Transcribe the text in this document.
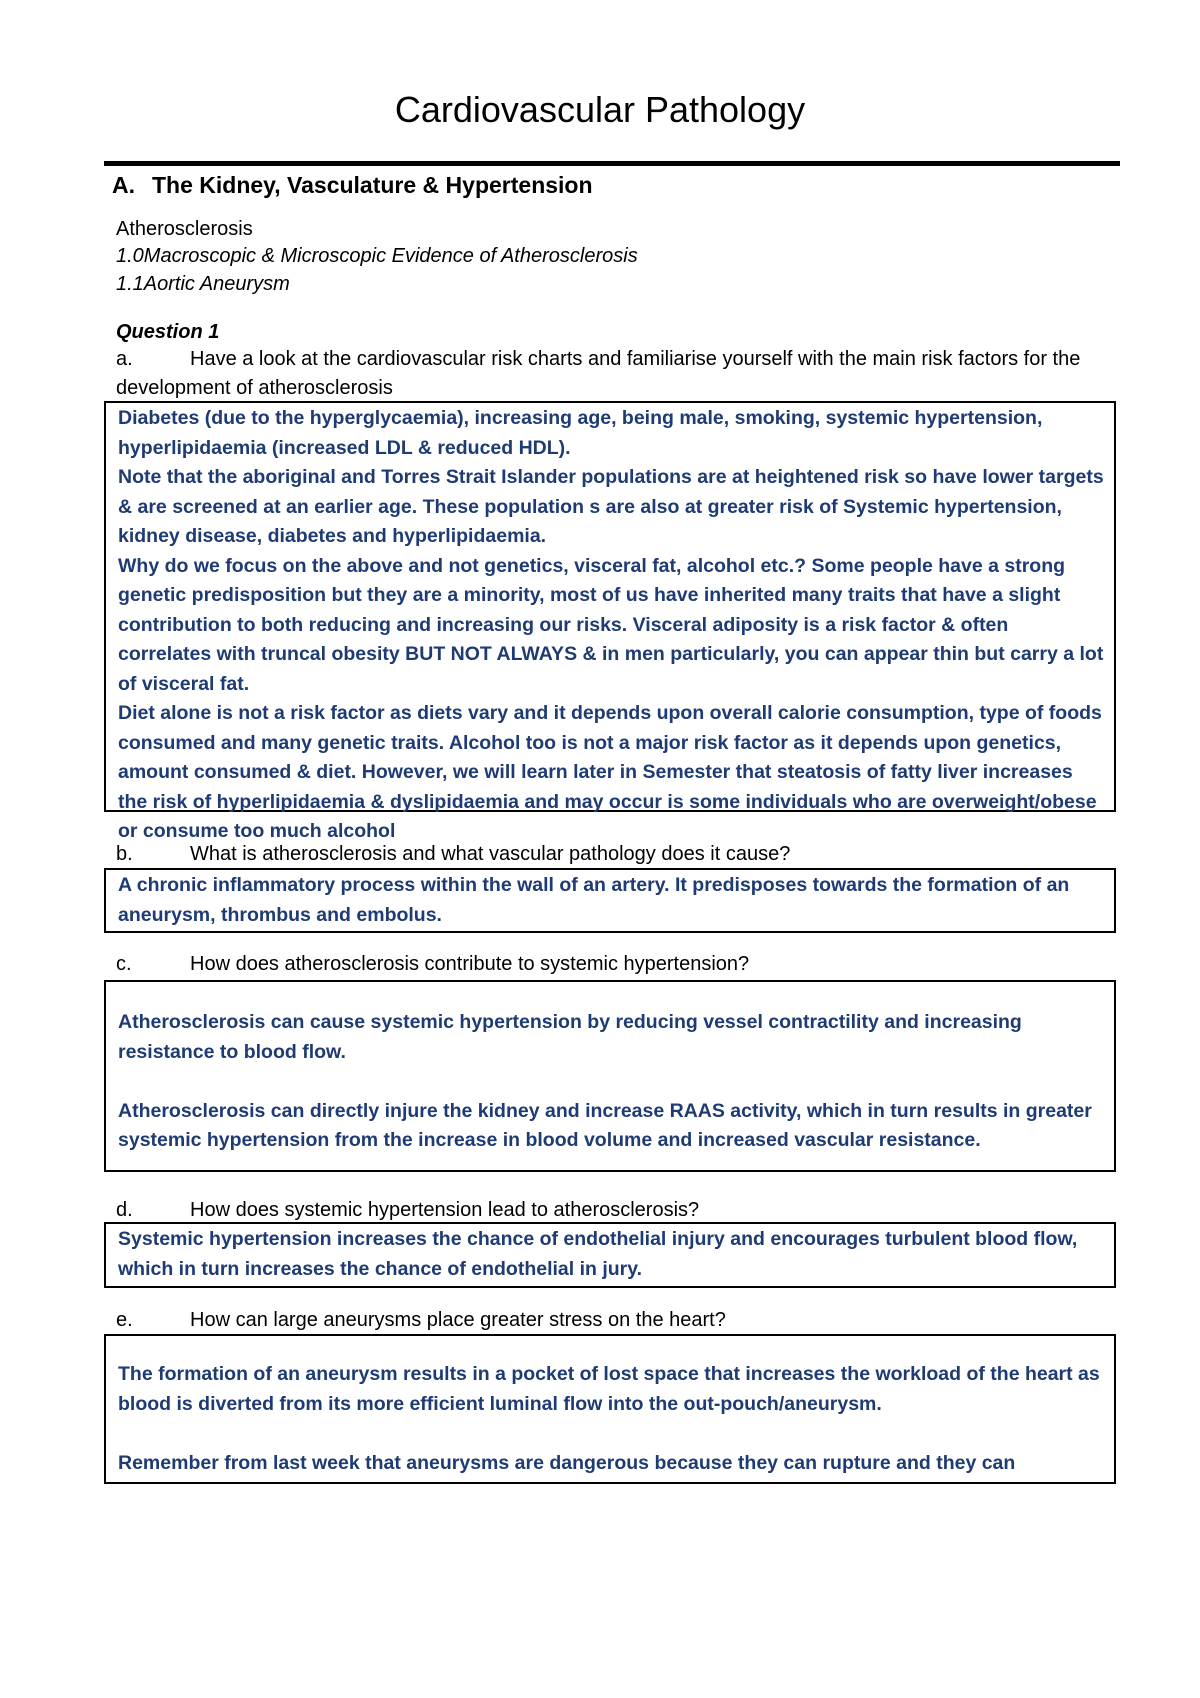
Cardiovascular Pathology
A. The Kidney, Vasculature & Hypertension
Atherosclerosis
1.0Macroscopic & Microscopic Evidence of Atherosclerosis
1.1Aortic Aneurysm
Question 1
a.	Have a look at the cardiovascular risk charts and familiarise yourself with the main risk factors for the development of atherosclerosis

Diabetes (due to the hyperglycaemia), increasing age, being male, smoking, systemic hypertension, hyperlipidaemia (increased LDL & reduced HDL).

Note that the aboriginal and Torres Strait Islander populations are at heightened risk so have lower targets & are screened at an earlier age. These population s are also at greater risk of Systemic hypertension, kidney disease, diabetes and hyperlipidaemia.

Why do we focus on the above and not genetics, visceral fat, alcohol etc.? Some people have a strong genetic predisposition but they are a minority, most of us have inherited many traits that have a slight contribution to both reducing and increasing our risks. Visceral adiposity is a risk factor & often correlates with truncal obesity BUT NOT ALWAYS & in men particularly, you can appear thin but carry a lot of visceral fat.

Diet alone is not a risk factor as diets vary and it depends upon overall calorie consumption, type of foods consumed and many genetic traits. Alcohol too is not a major risk factor as it depends upon genetics, amount consumed & diet. However, we will learn later in Semester that steatosis of fatty liver increases the risk of hyperlipidaemia & dyslipidaemia and may occur is some individuals who are overweight/obese or consume too much alcohol

b.	What is atherosclerosis and what vascular pathology does it cause?

A chronic inflammatory process within the wall of an artery. It predisposes towards the formation of an aneurysm, thrombus and embolus.

c.	How does atherosclerosis contribute to systemic hypertension?

Atherosclerosis can cause systemic hypertension by reducing vessel contractility and increasing resistance to blood flow.

Atherosclerosis can directly injure the kidney and increase RAAS activity, which in turn results in greater systemic hypertension from the increase in blood volume and increased vascular resistance.

d.	How does systemic hypertension lead to atherosclerosis?

Systemic hypertension increases the chance of endothelial injury and encourages turbulent blood flow, which in turn increases the chance of endothelial in jury.

e.	How can large aneurysms place greater stress on the heart?

The formation of an aneurysm results in a pocket of lost space that increases the workload of the heart as blood is diverted from its more efficient luminal flow into the out-pouch/aneurysm.

Remember from last week that aneurysms are dangerous because they can rupture and they can
